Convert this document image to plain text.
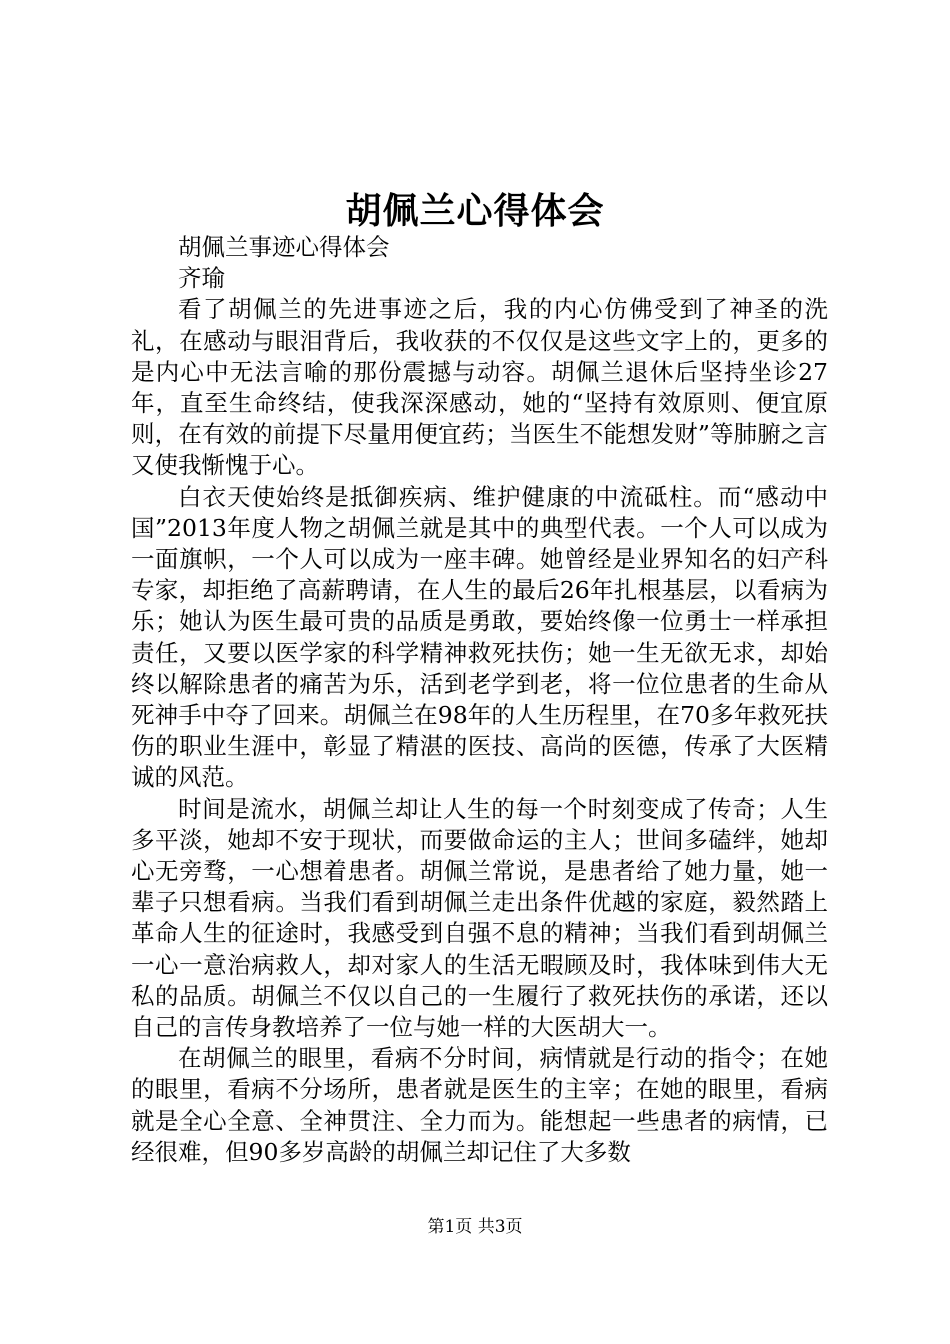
胡佩兰心得体会

胡佩兰事迹心得体会

齐瑜

看了胡佩兰的先进事迹之后，我的内心仿佛受到了神圣的洗礼，在感动与眼泪背后，我收获的不仅仅是这些文字上的，更多的是内心中无法言喻的那份震撼与动容。胡佩兰退休后坚持坐诊27年，直至生命终结，使我深深感动，她的“坚持有效原则、便宜原则，在有效的前提下尽量用便宜药；当医生不能想发财”等肺腑之言又使我惭愧于心。

白衣天使始终是抵御疾病、维护健康的中流砥柱。而“感动中国”2013年度人物之胡佩兰就是其中的典型代表。一个人可以成为一面旗帜，一个人可以成为一座丰碑。她曾经是业界知名的妇产科专家，却拒绝了高薪聘请，在人生的最后26年扎根基层，以看病为乐；她认为医生最可贵的品质是勇敢，要始终像一位勇士一样承担责任，又要以医学家的科学精神救死扶伤；她一生无欲无求，却始终以解除患者的痛苦为乐，活到老学到老，将一位位患者的生命从死神手中夺了回来。胡佩兰在98年的人生历程里，在70多年救死扶伤的职业生涯中，彰显了精湛的医技、高尚的医德，传承了大医精诚的风范。

时间是流水，胡佩兰却让人生的每一个时刻变成了传奇；人生多平淡，她却不安于现状，而要做命运的主人；世间多磕绊，她却心无旁骛，一心想着患者。胡佩兰常说，是患者给了她力量，她一辈子只想看病。当我们看到胡佩兰走出条件优越的家庭，毅然踏上革命人生的征途时，我感受到自强不息的精神；当我们看到胡佩兰一心一意治病救人，却对家人的生活无暇顾及时，我体味到伟大无私的品质。胡佩兰不仅以自己的一生履行了救死扶伤的承诺，还以自己的言传身教培养了一位与她一样的大医胡大一。

在胡佩兰的眼里，看病不分时间，病情就是行动的指令；在她的眼里，看病不分场所，患者就是医生的主宰；在她的眼里，看病就是全心全意、全神贯注、全力而为。能想起一些患者的病情，已经很难，但90多岁高龄的胡佩兰却记住了大多数

第1页 共3页
